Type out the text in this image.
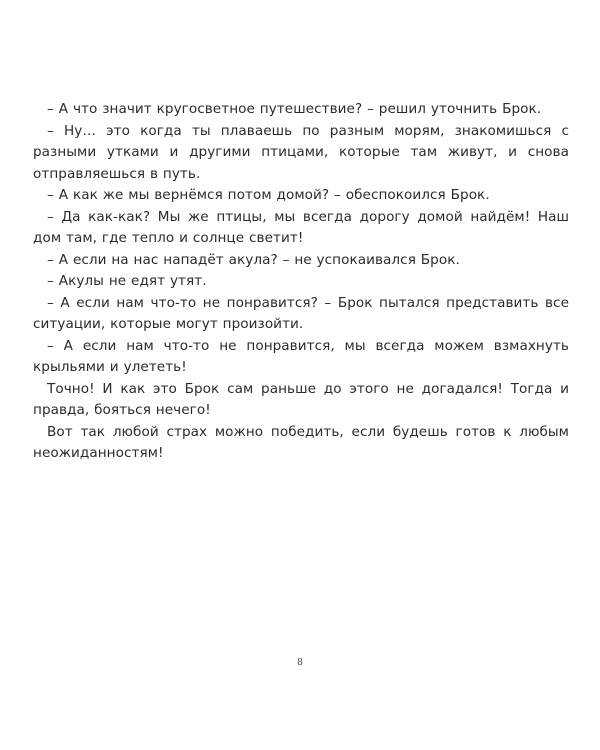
– А что значит кругосветное путешествие? – решил уточнить Брок.

– Ну… это когда ты плаваешь по разным морям, знакомишься с разными утками и другими птицами, которые там живут, и снова отправляешься в путь.

– А как же мы вернёмся потом домой? – обеспокоился Брок.

– Да как-как? Мы же птицы, мы всегда дорогу домой найдём! Наш дом там, где тепло и солнце светит!

– А если на нас нападёт акула? – не успокаивался Брок.

– Акулы не едят утят.

– А если нам что-то не понравится? – Брок пытался представить все ситуации, которые могут произойти.

– А если нам что-то не понравится, мы всегда можем взмахнуть крыльями и улететь!

Точно! И как это Брок сам раньше до этого не догадался! Тогда и правда, бояться нечего!

Вот так любой страх можно победить, если будешь готов к любым неожиданностям!

8
